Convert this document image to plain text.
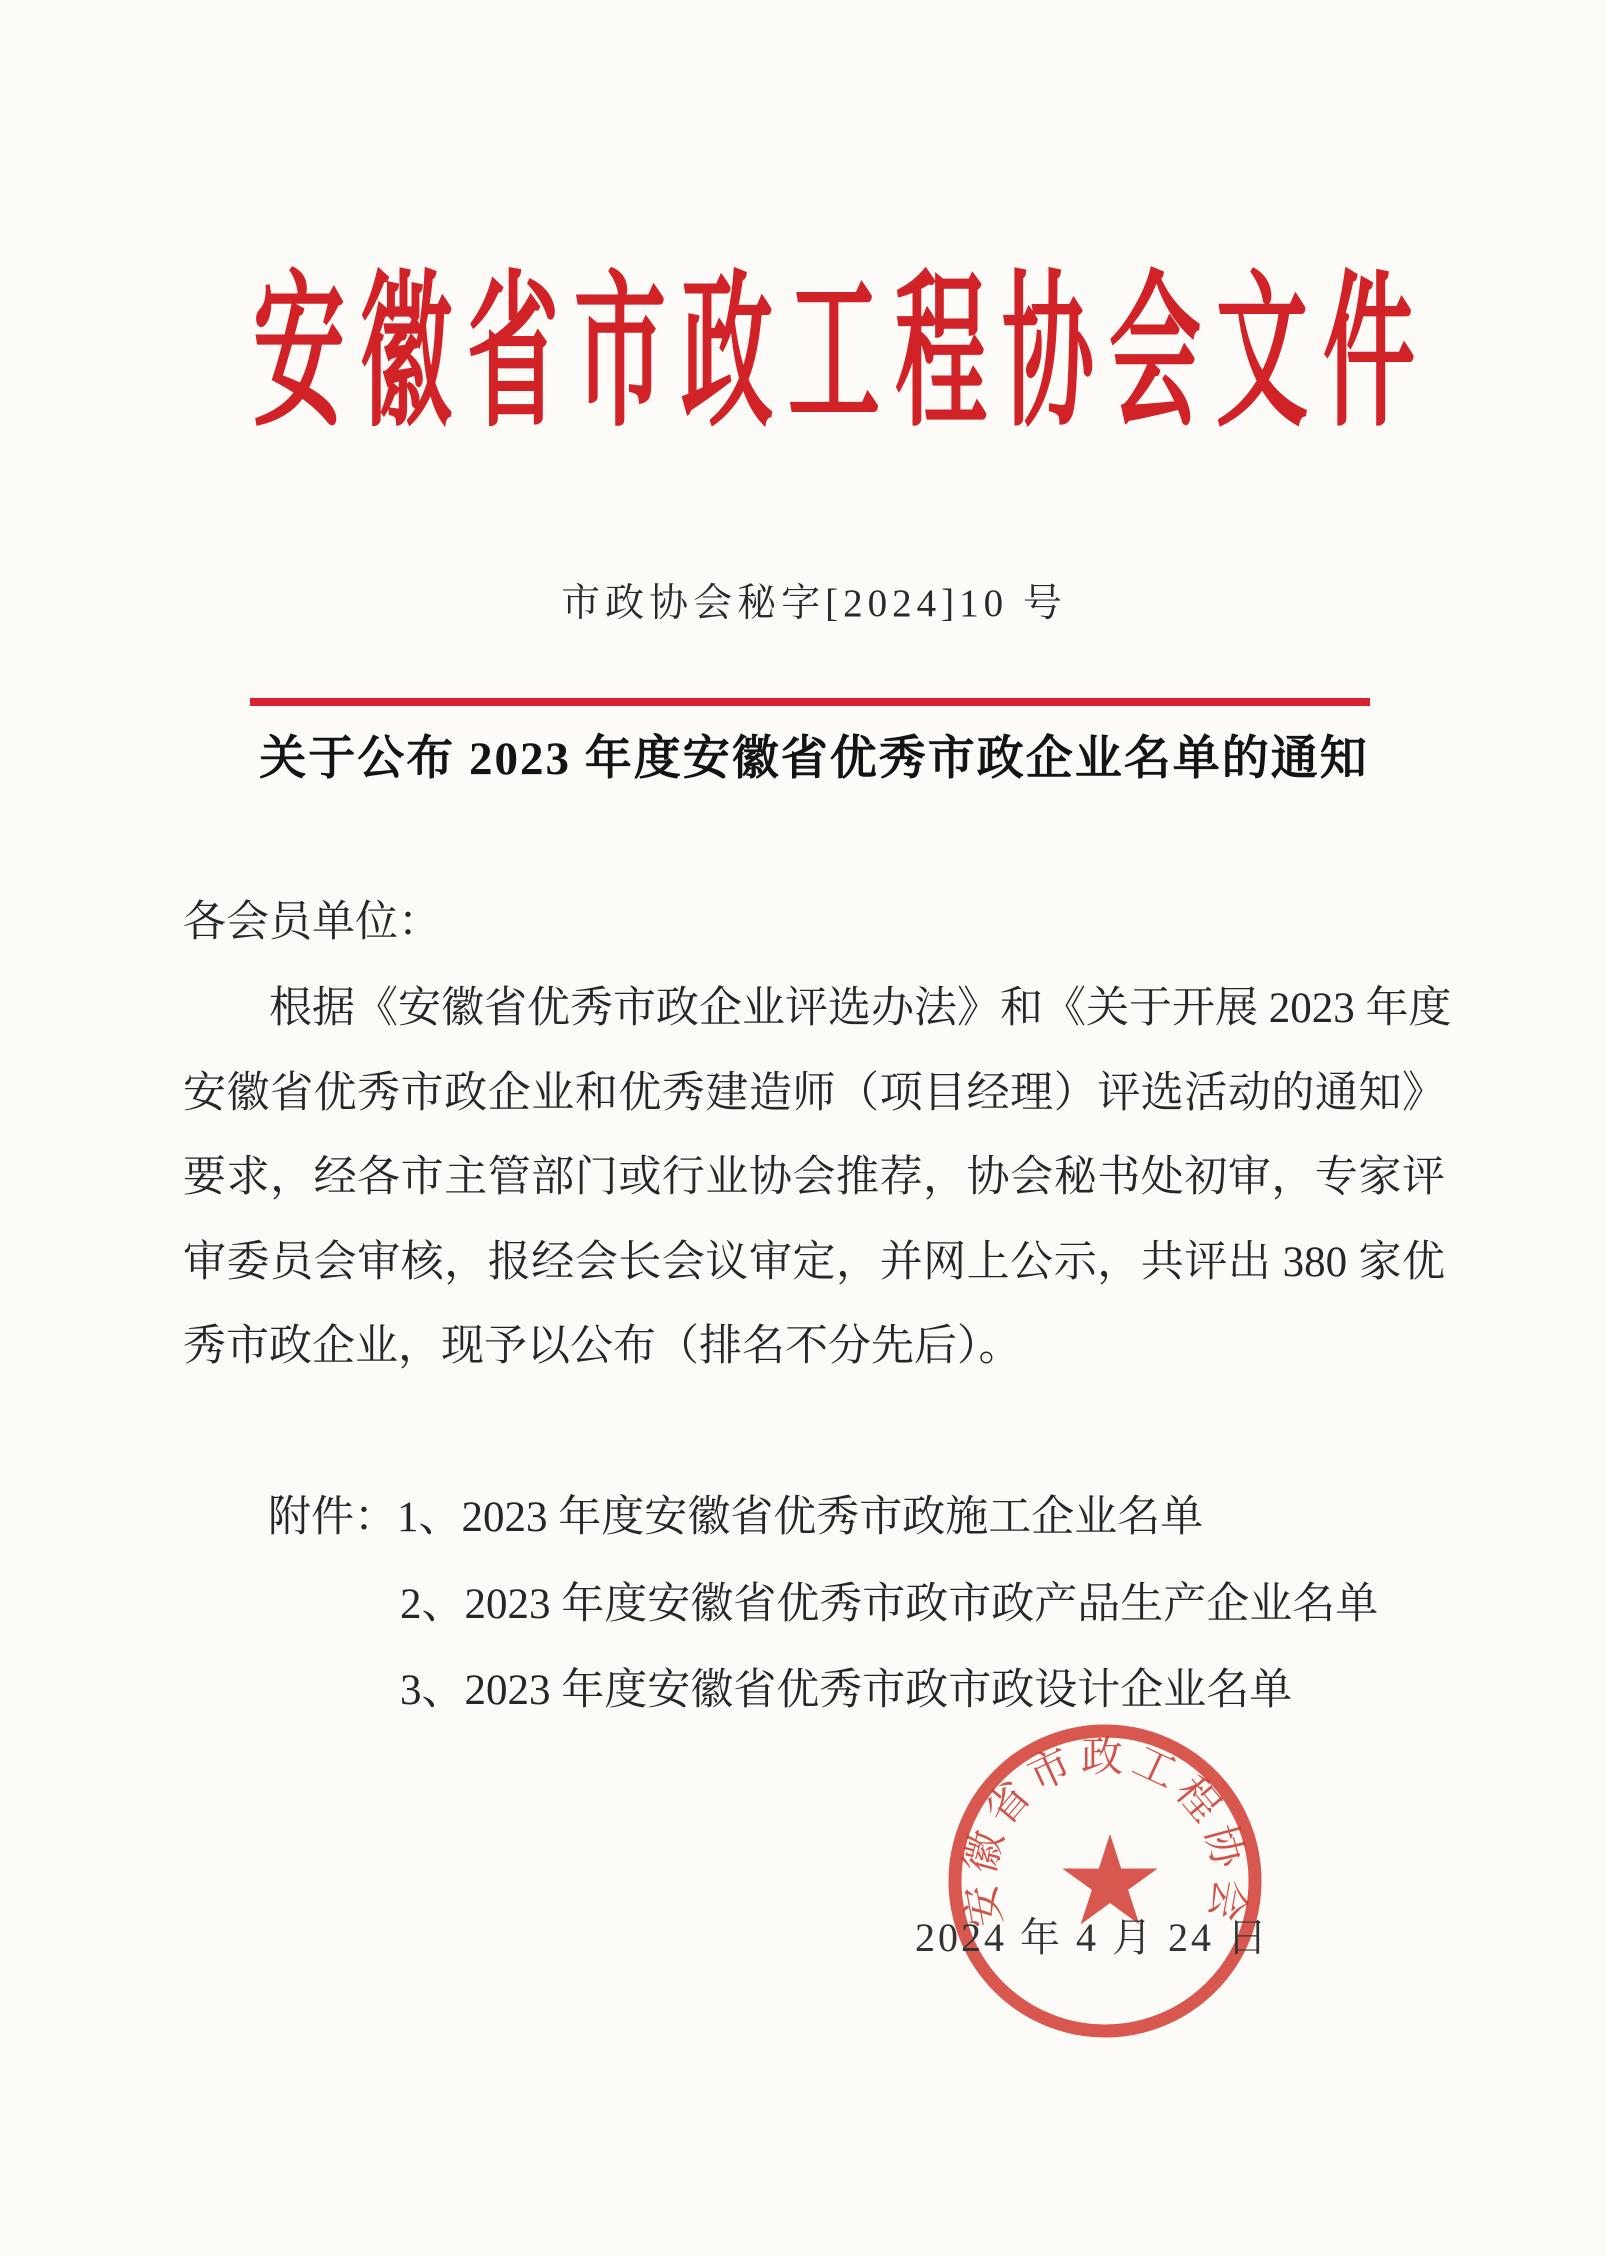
安徽省市政工程协会文件
市政协会秘字[2024]10 号
关于公布 2023 年度安徽省优秀市政企业名单的通知
各会员单位：
根据《安徽省优秀市政企业评选办法》和《关于开展 2023 年度
安徽省优秀市政企业和优秀建造师（项目经理）评选活动的通知》
要求，经各市主管部门或行业协会推荐，协会秘书处初审，专家评
审委员会审核，报经会长会议审定，并网上公示，共评出 380 家优
秀市政企业，现予以公布（排名不分先后）。
附件：1、2023 年度安徽省优秀市政施工企业名单
2、2023 年度安徽省优秀市政市政产品生产企业名单
3、2023 年度安徽省优秀市政市政设计企业名单
安徽省市政工程协会
2024 年 4 月 24 日
